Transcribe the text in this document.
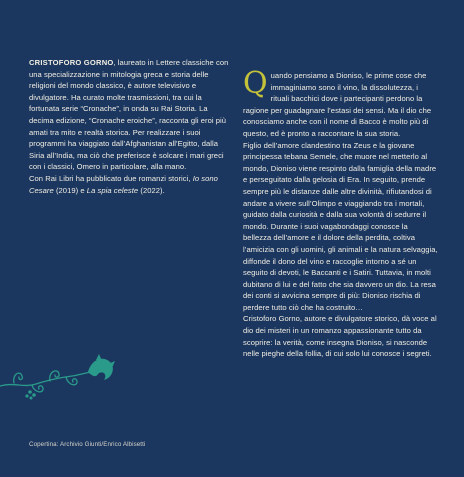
CRISTOFORO GORNO, laureato in Lettere classiche con una specializzazione in mitologia greca e storia delle religioni del mondo classico, è autore televisivo e divulgatore. Ha curato molte trasmissioni, tra cui la fortunata serie “Cronache”, in onda su Rai Storia. La decima edizione, “Cronache eroiche”, racconta gli eroi più amati tra mito e realtà storica. Per realizzare i suoi programmi ha viaggiato dall’Afghanistan all’Egitto, dalla Siria all’India, ma ciò che preferisce è solcare i mari greci con i classici, Omero in particolare, alla mano.
Con Rai Libri ha pubblicato due romanzi storici, Io sono Cesare (2019) e La spia celeste (2022).

Quando pensiamo a Dioniso, le prime cose che immaginiamo sono il vino, la dissolutezza, i rituali bacchici dove i partecipanti perdono la ragione per guadagnare l’estasi dei sensi. Ma il dio che conosciamo anche con il nome di Bacco è molto più di questo, ed è pronto a raccontare la sua storia.

Figlio dell’amore clandestino tra Zeus e la giovane principessa tebana Semele, che muore nel metterlo al mondo, Dioniso viene respinto dalla famiglia della madre e perseguitato dalla gelosia di Era. In seguito, prende sempre più le distanze dalle altre divinità, rifiutandosi di andare a vivere sull’Olimpo e viaggiando tra i mortali, guidato dalla curiosità e dalla sua volontà di sedurre il mondo. Durante i suoi vagabondaggi conosce la bellezza dell’amore e il dolore della perdita, coltiva l’amicizia con gli uomini, gli animali e la natura selvaggia, diffonde il dono del vino e raccoglie intorno a sé un seguito di devoti, le Baccanti e i Satiri. Tuttavia, in molti dubitano di lui e del fatto che sia davvero un dio. La resa dei conti si avvicina sempre di più: Dioniso rischia di perdere tutto ciò che ha costruito…

Cristoforo Gorno, autore e divulgatore storico, dà voce al dio dei misteri in un romanzo appassionante tutto da scoprire: la verità, come insegna Dioniso, si nasconde nelle pieghe della follia, di cui solo lui conosce i segreti.

Copertina: Archivio Giunti/Enrico Albisetti
